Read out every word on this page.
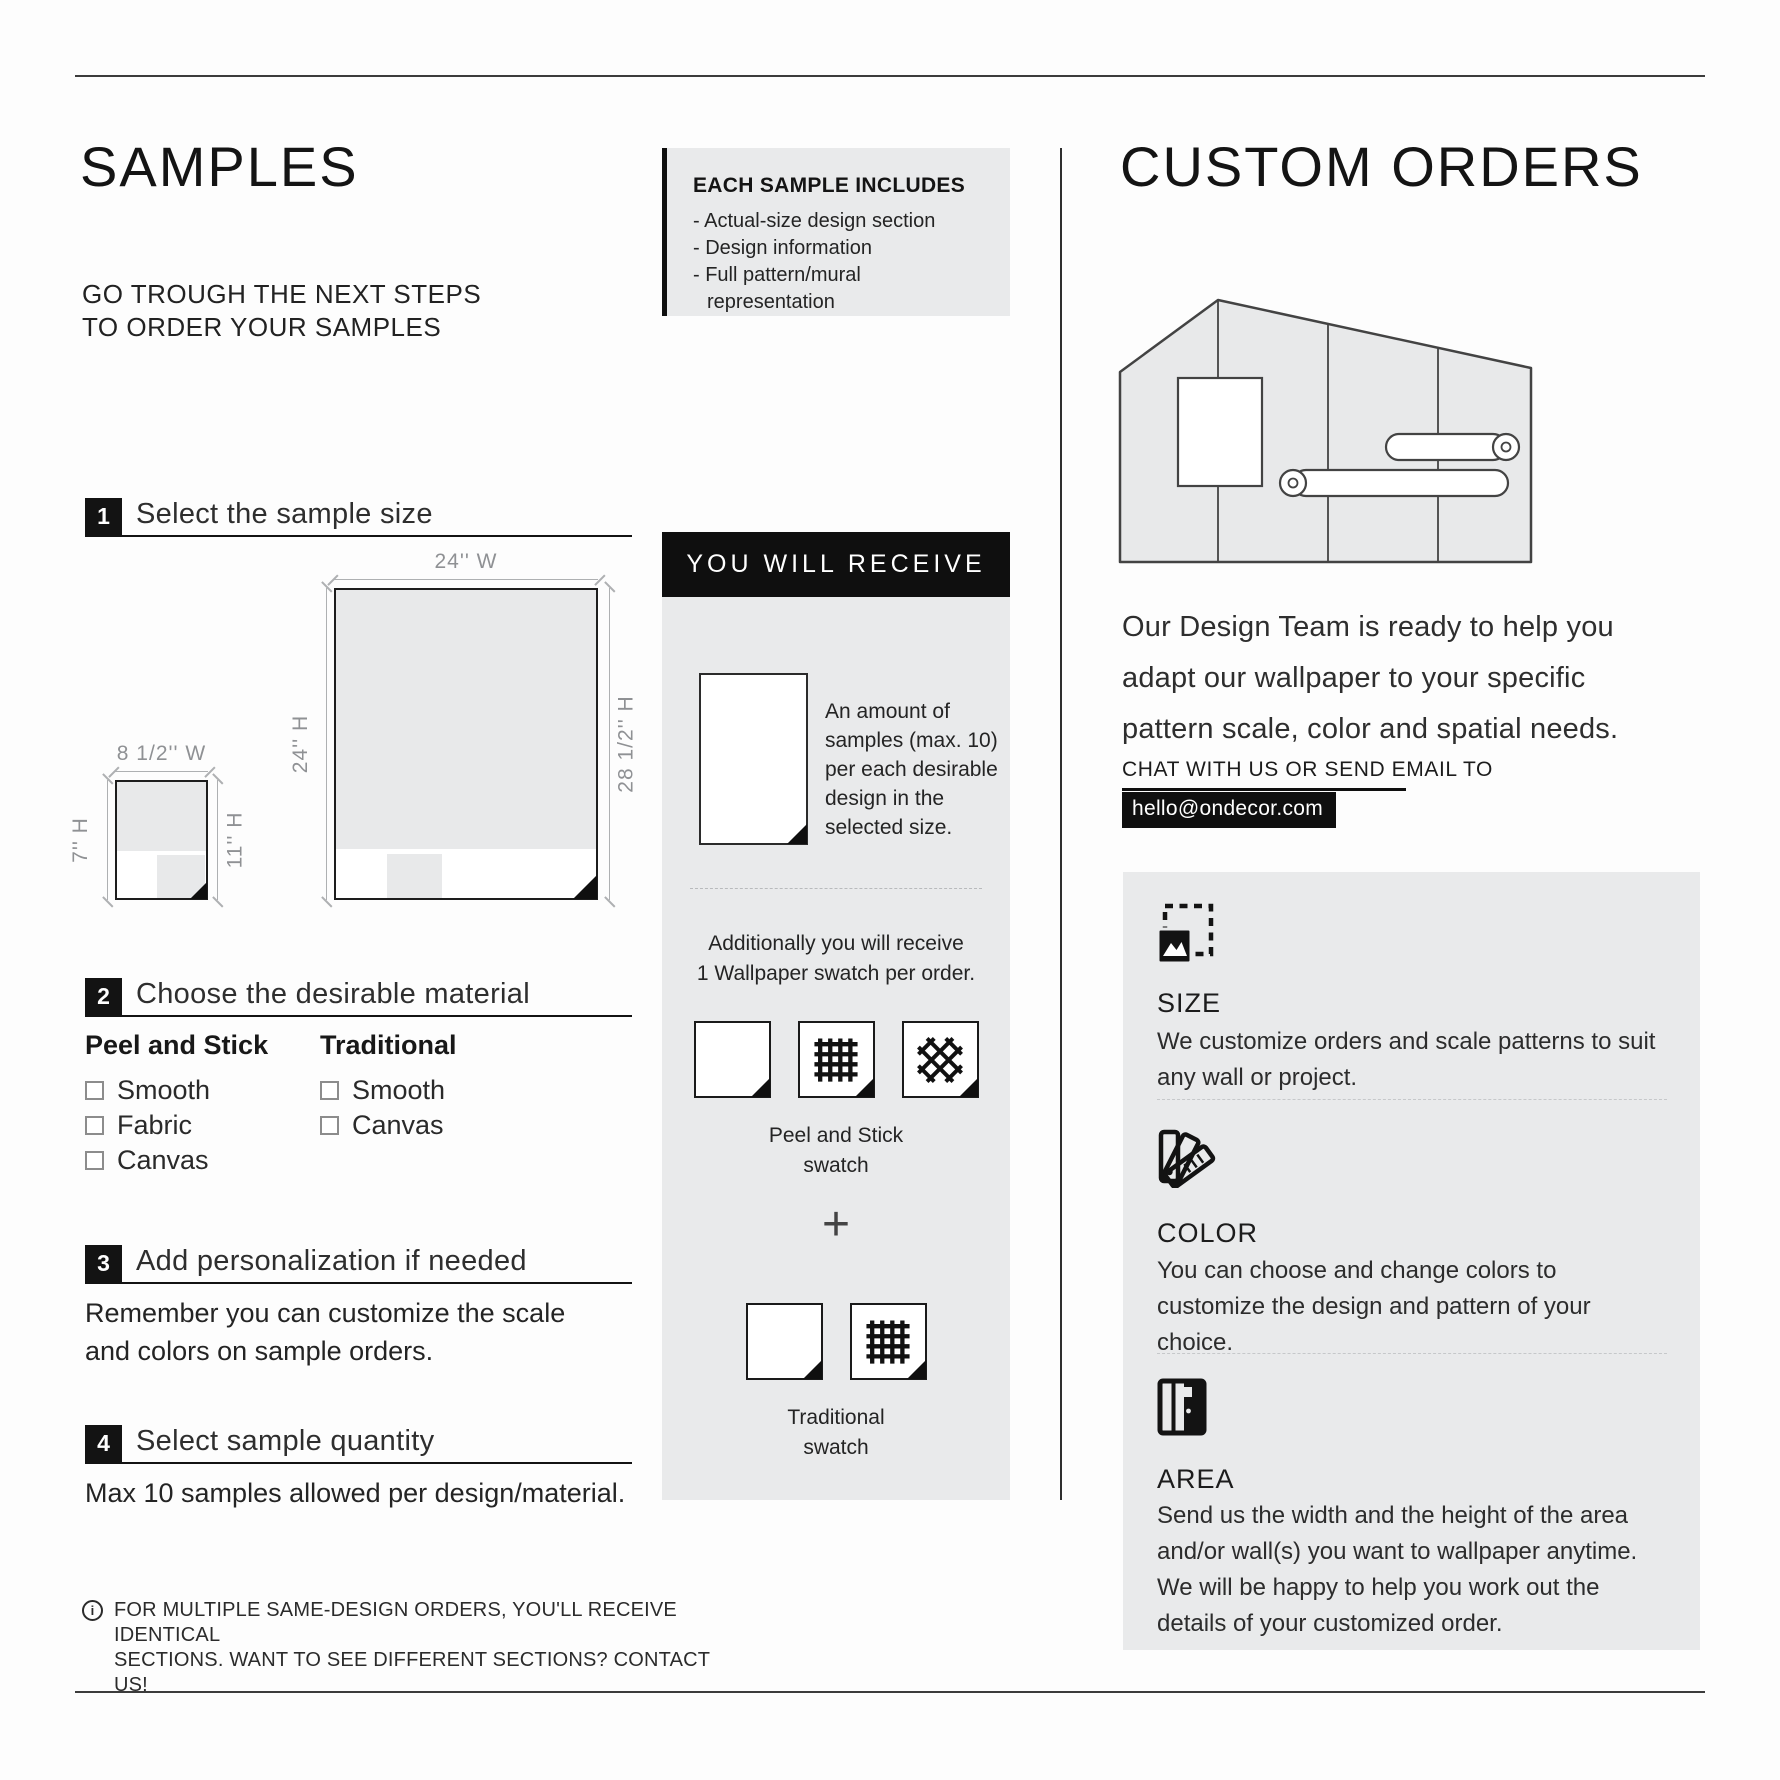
SAMPLES
GO TROUGH THE NEXT STEPS
TO ORDER YOUR SAMPLES
1 Select the sample size
24'' W
24'' H	28 1/2'' H
8 1/2'' W
7'' H	11'' H
2 Choose the desirable material
Peel and Stick
Smooth
Fabric
Canvas
Traditional
Smooth
Canvas
3 Add personalization if needed
Remember you can customize the scale
and colors on sample orders.
4 Select sample quantity
Max 10 samples allowed per design/material.
i FOR MULTIPLE SAME-DESIGN ORDERS, YOU'LL RECEIVE IDENTICAL
SECTIONS. WANT TO SEE DIFFERENT SECTIONS? CONTACT US!
EACH SAMPLE INCLUDES
- Actual-size design section
- Design information
- Full pattern/mural representation
YOU WILL RECEIVE
An amount of samples (max. 10) per each desirable design in the selected size.
Additionally you will receive
1 Wallpaper swatch per order.
Peel and Stick
swatch
+
Traditional
swatch
CUSTOM ORDERS
Our Design Team is ready to help you adapt our wallpaper to your specific pattern scale, color and spatial needs.
CHAT WITH US OR SEND EMAIL TO
hello@ondecor.com
SIZE
We customize orders and scale patterns to suit any wall or project.
COLOR
You can choose and change colors to customize the design and pattern of your choice.
AREA
Send us the width and the height of the area and/or wall(s) you want to wallpaper anytime. We will be happy to help you work out the details of your customized order.
